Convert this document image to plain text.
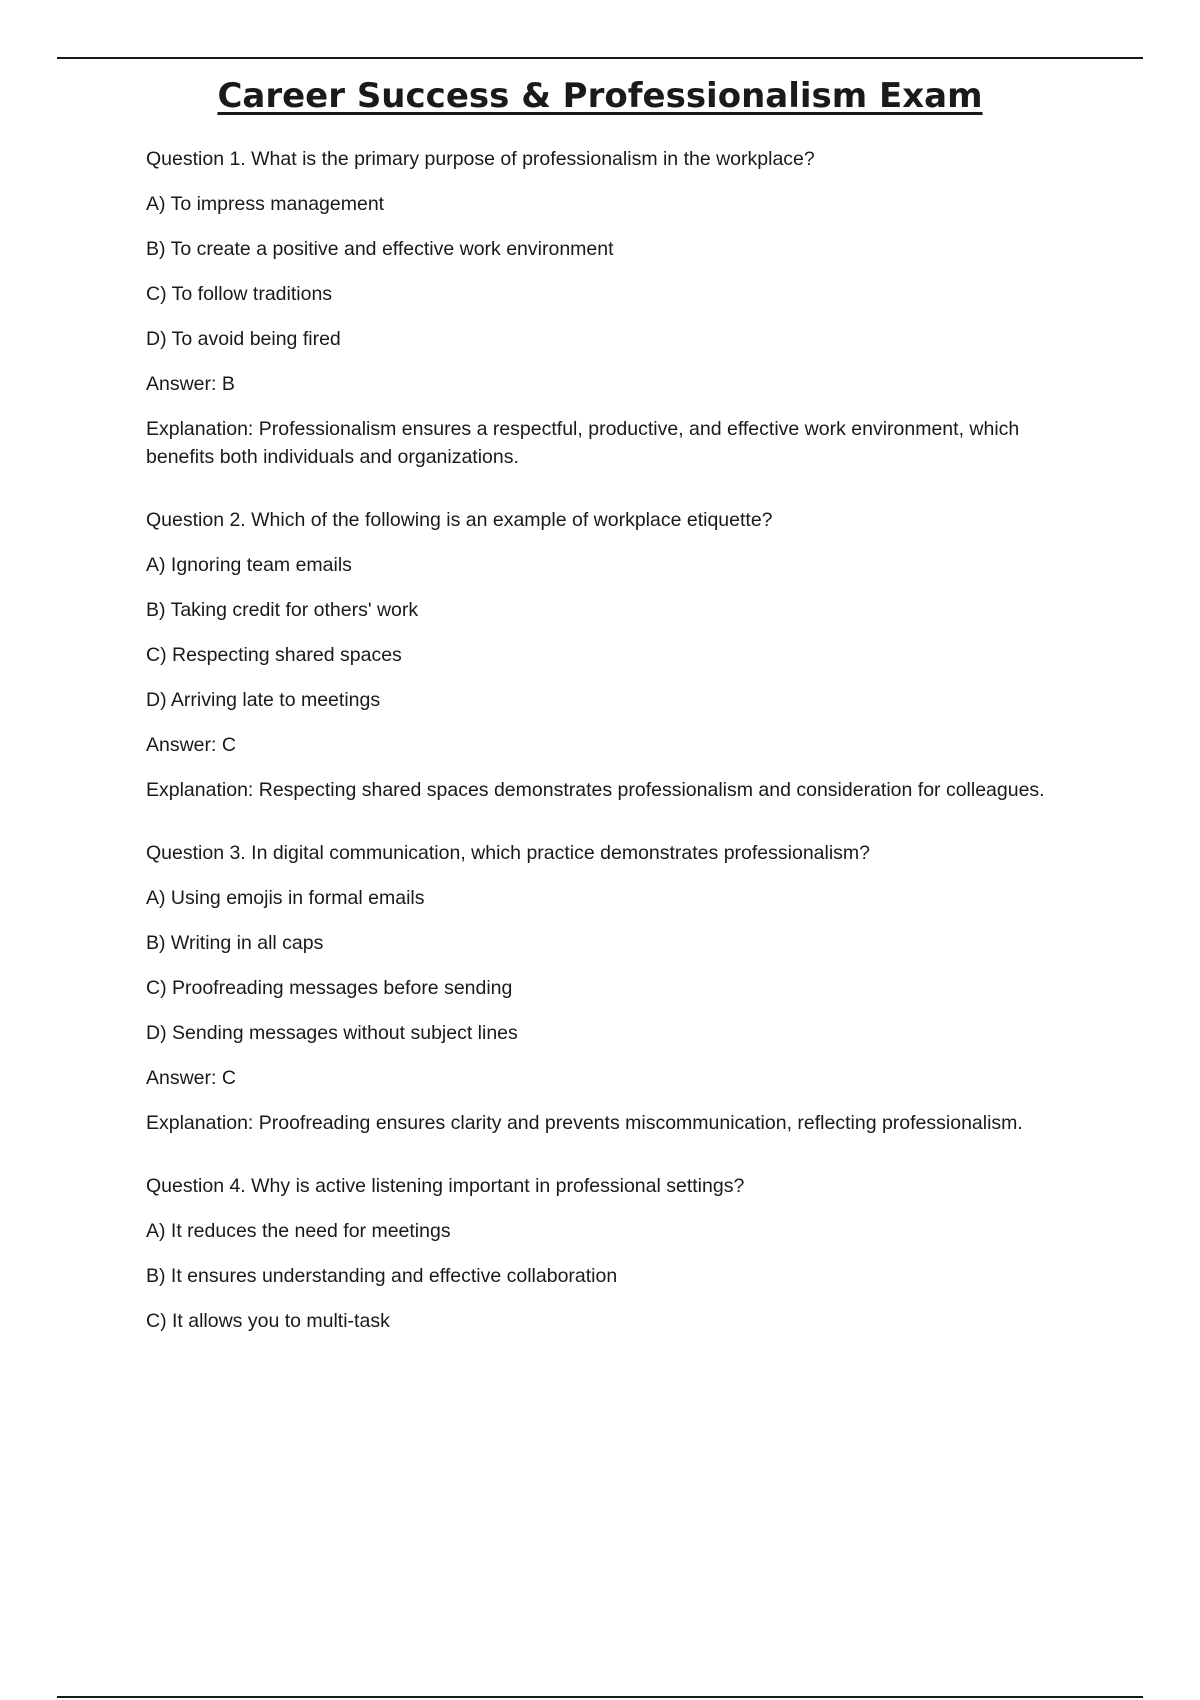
Career Success & Professionalism Exam

Question 1. What is the primary purpose of professionalism in the workplace?

A) To impress management

B) To create a positive and effective work environment

C) To follow traditions

D) To avoid being fired

Answer: B

Explanation: Professionalism ensures a respectful, productive, and effective work environment, which benefits both individuals and organizations.

Question 2. Which of the following is an example of workplace etiquette?

A) Ignoring team emails

B) Taking credit for others' work

C) Respecting shared spaces

D) Arriving late to meetings

Answer: C

Explanation: Respecting shared spaces demonstrates professionalism and consideration for colleagues.

Question 3. In digital communication, which practice demonstrates professionalism?

A) Using emojis in formal emails

B) Writing in all caps

C) Proofreading messages before sending

D) Sending messages without subject lines

Answer: C

Explanation: Proofreading ensures clarity and prevents miscommunication, reflecting professionalism.

Question 4. Why is active listening important in professional settings?

A) It reduces the need for meetings

B) It ensures understanding and effective collaboration

C) It allows you to multi-task
